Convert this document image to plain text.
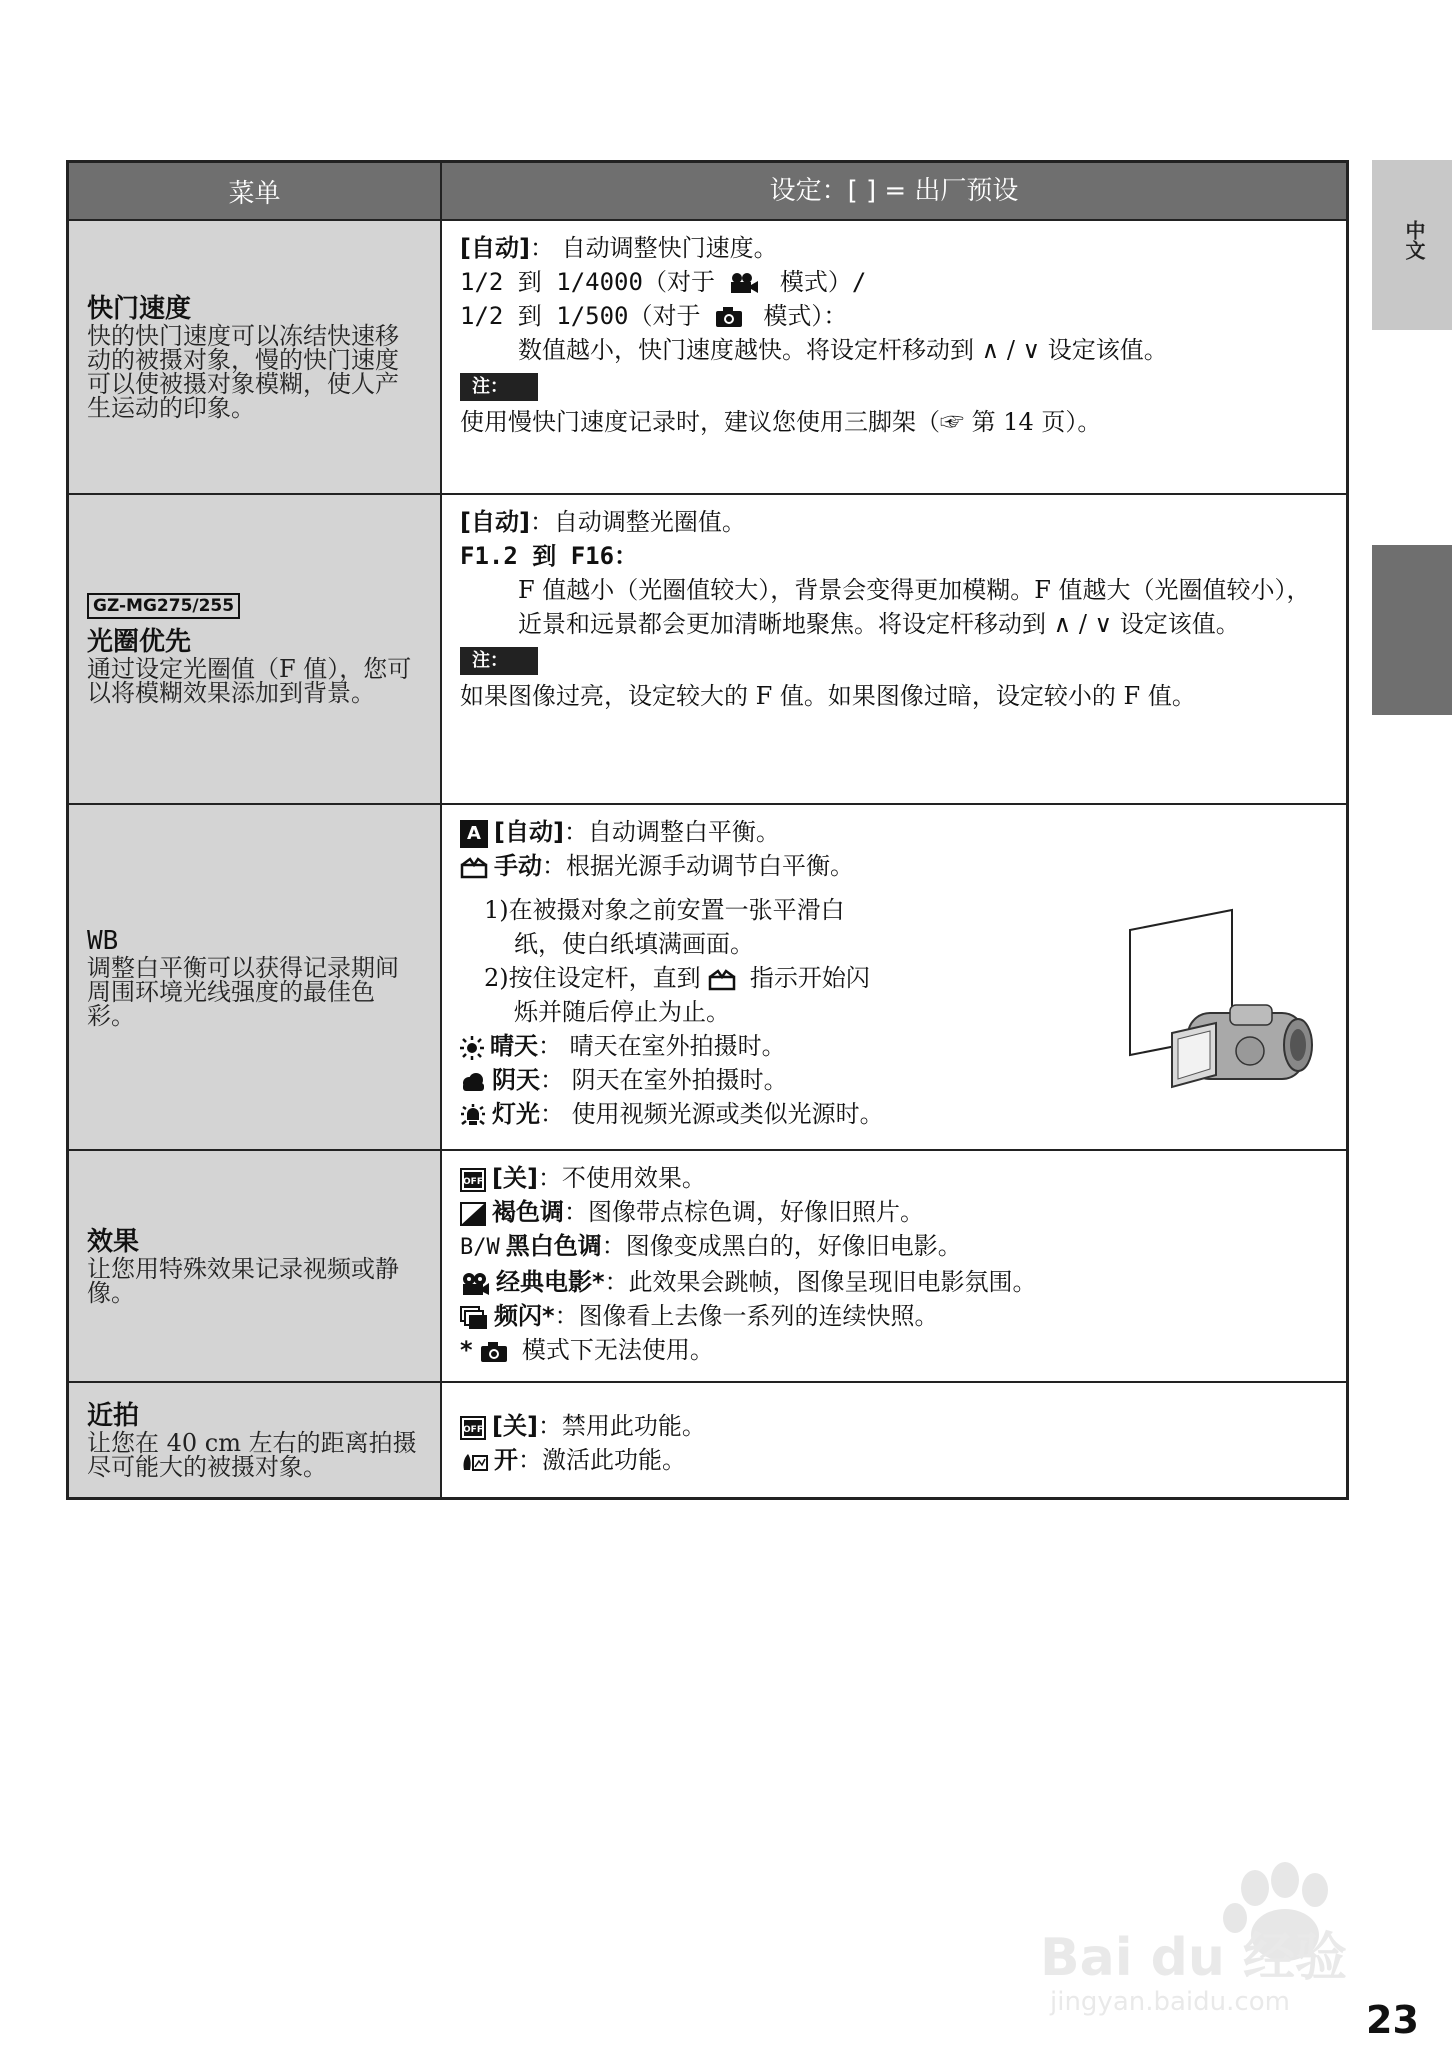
菜单	设定：[ ] = 出厂预设
快门速度
快的快门速度可以冻结快速移动的被摄对象，慢的快门速度可以使被摄对象模糊，使人产生运动的印象。
[自动]： 自动调整快门速度。
1/2 到 1/4000（对于  模式）/
1/2 到 1/500（对于  模式）：
数值越小，快门速度越快。将设定杆移动到 ∧ / ∨ 设定该值。
注：
使用慢快门速度记录时，建议您使用三脚架（☞ 第 14 页）。
GZ-MG275/255
光圈优先
通过设定光圈值（F 值），您可以将模糊效果添加到背景。
[自动]：自动调整光圈值。
F1.2 到 F16：
F 值越小（光圈值较大），背景会变得更加模糊。F 值越大（光圈值较小），近景和远景都会更加清晰地聚焦。将设定杆移动到 ∧ / ∨ 设定该值。
注：
如果图像过亮，设定较大的 F 值。如果图像过暗，设定较小的 F 值。
WB
调整白平衡可以获得记录期间周围环境光线强度的最佳色彩。
A [自动]：自动调整白平衡。
手动：根据光源手动调节白平衡。
1)在被摄对象之前安置一张平滑白
纸，使白纸填满画面。
2)按住设定杆，直到  指示开始闪
烁并随后停止为止。
晴天： 晴天在室外拍摄时。
阴天： 阴天在室外拍摄时。
灯光： 使用视频光源或类似光源时。
效果
让您用特殊效果记录视频或静像。
OFF [关]：不使用效果。
褐色调：图像带点棕色调，好像旧照片。
B/W 黑白色调：图像变成黑白的，好像旧电影。
经典电影*：此效果会跳帧，图像呈现旧电影氛围。
频闪*：图像看上去像一系列的连续快照。
*  模式下无法使用。
近拍
让您在 40 cm 左右的距离拍摄尽可能大的被摄对象。
OFF [关]：禁用此功能。
开：激活此功能。
中文
Bai du 经验
jingyan.baidu.com 23
